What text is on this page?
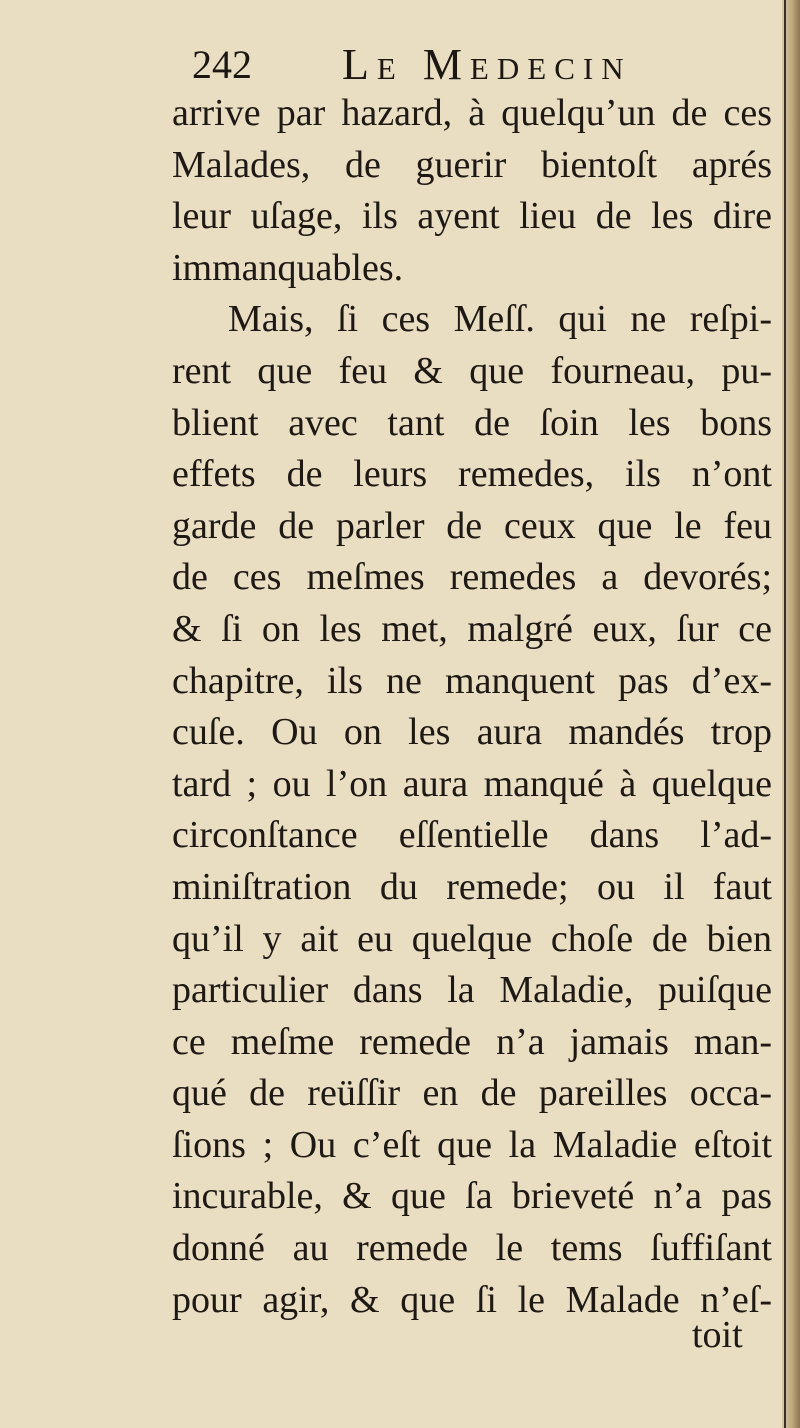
242 Le Medecin
arrive par hazard, à quelqu’un de ces
Malades, de guerir bientoſt aprés
leur uſage, ils ayent lieu de les dire
immanquables.
Mais, ſi ces Meſſ. qui ne reſpi-
rent que feu & que fourneau, pu-
blient avec tant de ſoin les bons
effets de leurs remedes, ils n’ont
garde de parler de ceux que le feu
de ces meſmes remedes a devorés;
& ſi on les met, malgré eux, ſur ce
chapitre, ils ne manquent pas d’ex-
cuſe. Ou on les aura mandés trop
tard ; ou l’on aura manqué à quelque
circonſtance eſſentielle dans l’ad-
miniſtration du remede; ou il faut
qu’il y ait eu quelque choſe de bien
particulier dans la Maladie, puiſque
ce meſme remede n’a jamais man-
qué de reüſſir en de pareilles occa-
ſions ; Ou c’eſt que la Maladie eſtoit
incurable, & que ſa brieveté n’a pas
donné au remede le tems ſuffiſant
pour agir, & que ſi le Malade n’eſ-
toit
